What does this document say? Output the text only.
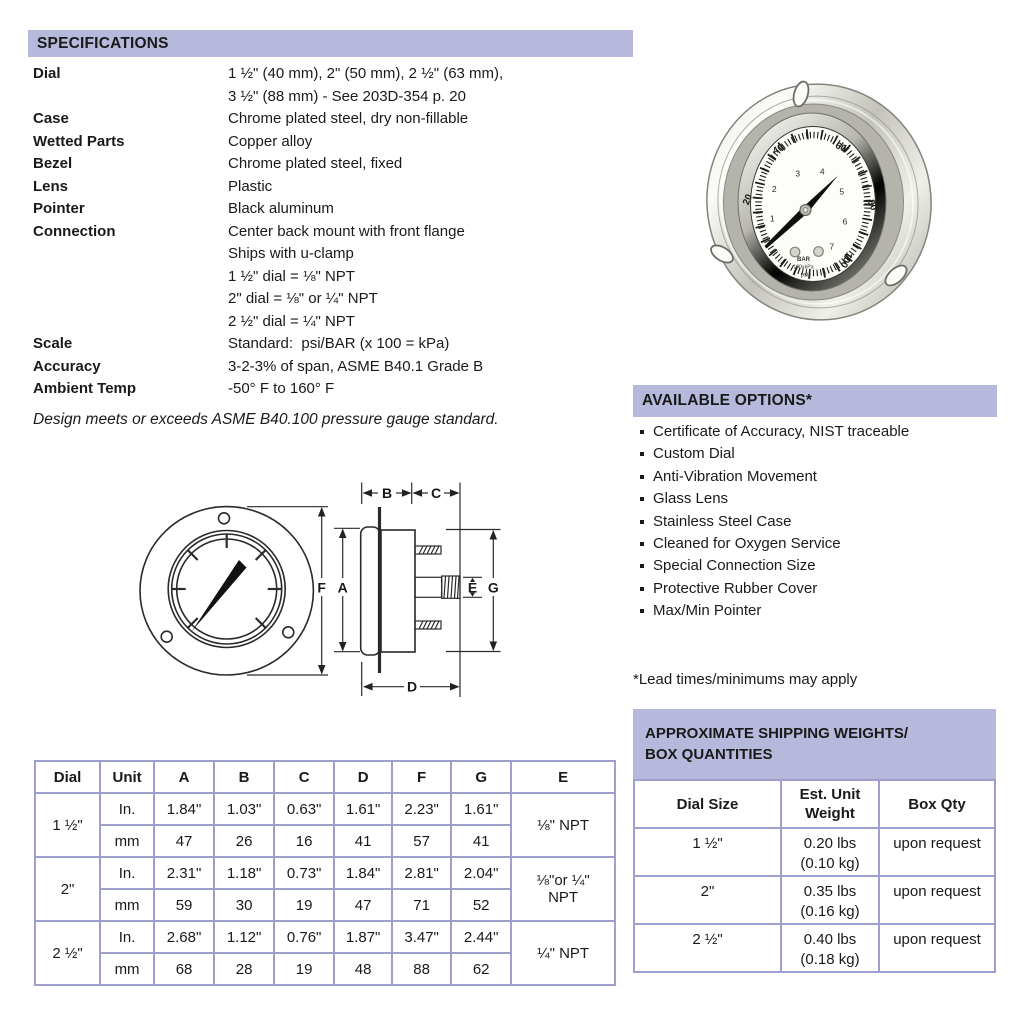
SPECIFICATIONS
Dial	1 ½" (40 mm), 2" (50 mm), 2 ½" (63 mm),
3 ½" (88 mm) - See 203D-354 p. 20
Case	Chrome plated steel, dry non-fillable
Wetted Parts	Copper alloy
Bezel	Chrome plated steel, fixed
Lens	Plastic
Pointer	Black aluminum
Connection	Center back mount with front flange
Ships with u-clamp
1 ½" dial = ⅛" NPT
2" dial = ⅛" or ¼" NPT
2 ½" dial = ¼" NPT
Scale	Standard:  psi/BAR (x 100 = kPa)
Accuracy	3-2-3% of span, ASME B40.1 Grade B
Ambient Temp	-50° F to 160° F
Design meets or exceeds ASME B40.100 pressure gauge standard.
40	60
20	80
100
1
2
3 4
5
6
7
BAR
100xkPa
psi
AVAILABLE OPTIONS*
Certificate of Accuracy, NIST traceable
Custom Dial
Anti-Vibration Movement
Glass Lens
Stainless Steel Case
Cleaned for Oxygen Service
Special Connection Size
Protective Rubber Cover
Max/Min Pointer
*Lead times/minimums may apply
F A
B	C
G
E
D
Dial	Unit	A	B	C	D	F	G	E
1 ½"	In.	1.84"	1.03"	0.63"	1.61"	2.23"	1.61"	⅛" NPT

	mm	47	26	16	41	57	41	
2"	In.	2.31"	1.18"	0.73"	1.84"	2.81"	2.04"	⅛"or ¼"
NPT

	mm	59	30	19	47	71	52	
2 ½"	In.	2.68"	1.12"	0.76"	1.87"	3.47"	2.44"	¼" NPT

	mm	68	28	19	48	88	62	
APPROXIMATE SHIPPING WEIGHTS/
BOX QUANTITIES
Dial Size	Est. Unit Weight	Box Qty
1 ½"	0.20 lbs
(0.10 kg)	upon request
2"	0.35 lbs
(0.16 kg)	upon request
2 ½"	0.40 lbs
(0.18 kg)	upon request
